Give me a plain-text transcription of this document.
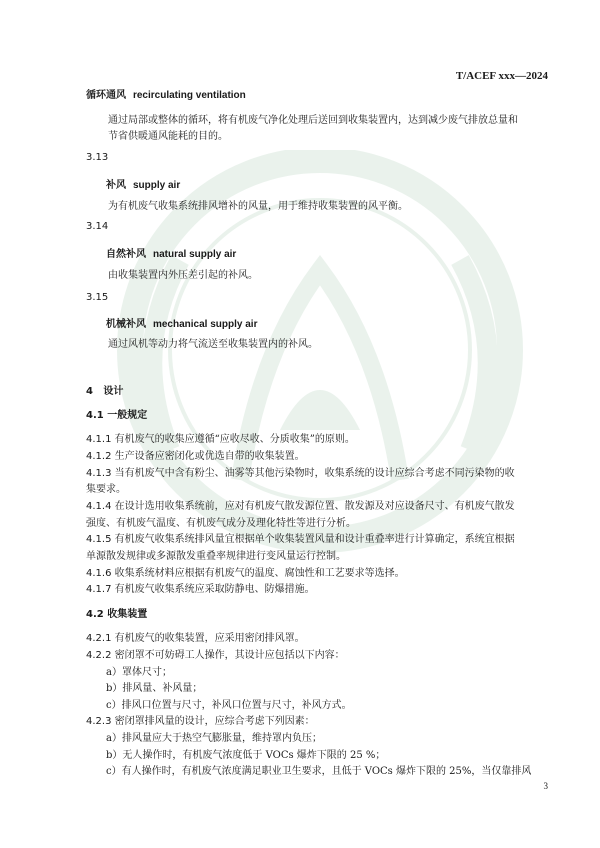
T/ACEF xxx—2024
循环通风 recirculating ventilation
通过局部或整体的循环，将有机废气净化处理后送回到收集装置内，达到减少废气排放总量和
节省供暖通风能耗的目的。
3.13
补风 supply air
为有机废气收集系统排风增补的风量，用于维持收集装置的风平衡。
3.14
自然补风 natural supply air
由收集装置内外压差引起的补风。
3.15
机械补风 mechanical supply air
通过风机等动力将气流送至收集装置内的补风。
4 设计
4.1 一般规定
4.1.1 有机废气的收集应遵循“应收尽收、分质收集”的原则。
4.1.2 生产设备应密闭化或优选自带的收集装置。
4.1.3 当有机废气中含有粉尘、油雾等其他污染物时，收集系统的设计应综合考虑不同污染物的收
集要求。
4.1.4 在设计选用收集系统前，应对有机废气散发源位置、散发源及对应设备尺寸、有机废气散发
强度、有机废气温度、有机废气成分及理化特性等进行分析。
4.1.5 有机废气收集系统排风量宜根据单个收集装置风量和设计重叠率进行计算确定，系统宜根据
单源散发规律或多源散发重叠率规律进行变风量运行控制。
4.1.6 收集系统材料应根据有机废气的温度、腐蚀性和工艺要求等选择。
4.1.7 有机废气收集系统应采取防静电、防爆措施。
4.2 收集装置
4.2.1 有机废气的收集装置，应采用密闭排风罩。
4.2.2 密闭罩不可妨碍工人操作，其设计应包括以下内容：
a）罩体尺寸；
b）排风量、补风量；
c）排风口位置与尺寸，补风口位置与尺寸，补风方式。
4.2.3 密闭罩排风量的设计，应综合考虑下列因素：
a）排风量应大于热空气膨胀量，维持罩内负压；
b）无人操作时，有机废气浓度低于 VOCs 爆炸下限的 25 %；
c）有人操作时，有机废气浓度满足职业卫生要求，且低于 VOCs 爆炸下限的 25%，当仅靠排风
3
